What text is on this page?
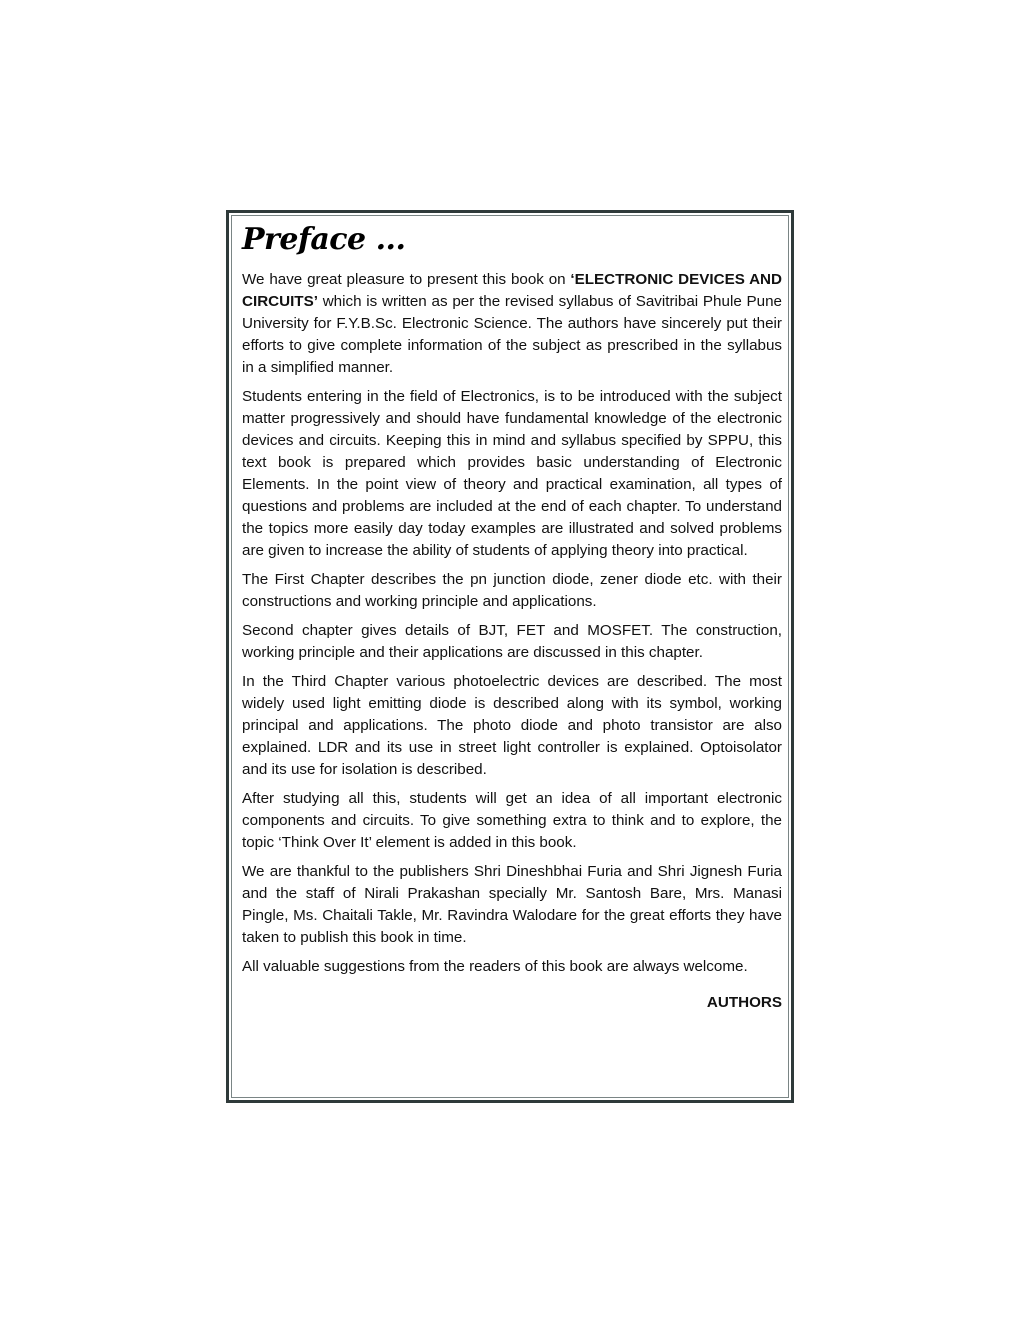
Preface ...

We have great pleasure to present this book on ‘ELECTRONIC DEVICES AND CIRCUITS’ which is written as per the revised syllabus of Savitribai Phule Pune University for F.Y.B.Sc. Electronic Science. The authors have sincerely put their efforts to give complete information of the subject as prescribed in the syllabus in a simplified manner.

Students entering in the field of Electronics, is to be introduced with the subject matter progressively and should have fundamental knowledge of the electronic devices and circuits. Keeping this in mind and syllabus specified by SPPU, this text book is prepared which provides basic understanding of Electronic Elements. In the point view of theory and practical examination, all types of questions and problems are included at the end of each chapter. To understand the topics more easily day today examples are illustrated and solved problems are given to increase the ability of students of applying theory into practical.

The First Chapter describes the pn junction diode, zener diode etc. with their constructions and working principle and applications.

Second chapter gives details of BJT, FET and MOSFET. The construction, working principle and their applications are discussed in this chapter.

In the Third Chapter various photoelectric devices are described. The most widely used light emitting diode is described along with its symbol, working principal and applications. The photo diode and photo transistor are also explained. LDR and its use in street light controller is explained. Optoisolator and its use for isolation is described.

After studying all this, students will get an idea of all important electronic components and circuits. To give something extra to think and to explore, the topic ‘Think Over It’ element is added in this book.

We are thankful to the publishers Shri Dineshbhai Furia and Shri Jignesh Furia and the staff of Nirali Prakashan specially Mr. Santosh Bare, Mrs. Manasi Pingle, Ms. Chaitali Takle, Mr. Ravindra Walodare for the great efforts they have taken to publish this book in time.

All valuable suggestions from the readers of this book are always welcome.

AUTHORS
